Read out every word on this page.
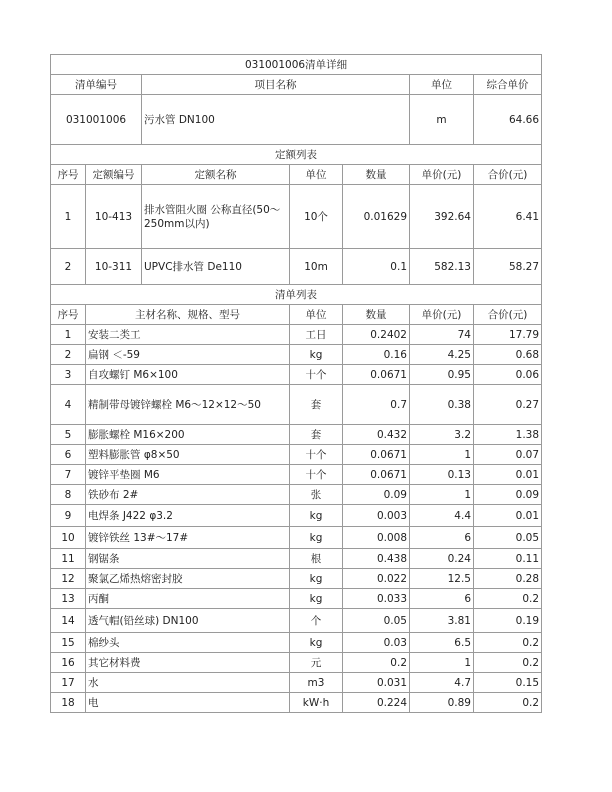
031001006清单详细						
清单编号		项目名称			单位	综合单价
031001006		污水管 DN100			m	64.66
定额列表						
序号	定额编号	定额名称	单位	数量	单价(元)	合价(元)
1	10-413	排水管阻火圈 公称直径(50～250mm以内)	10个	0.01629	392.64	6.41
2	10-311	UPVC排水管 De110	10m	0.1	582.13	58.27
清单列表						
序号	主材名称、规格、型号		单位	数量	单价(元)	合价(元)
1	安装二类工		工日	0.2402	74	17.79
2	扁钢 ＜-59		kg	0.16	4.25	0.68
3	自攻螺钉 M6×100		十个	0.0671	0.95	0.06
4	精制带母镀锌螺栓 M6～12×12～50		套	0.7	0.38	0.27
5	膨胀螺栓 M16×200		套	0.432	3.2	1.38
6	塑料膨胀管 φ8×50		十个	0.0671	1	0.07
7	镀锌平垫圈 M6		十个	0.0671	0.13	0.01
8	铁砂布 2#		张	0.09	1	0.09
9	电焊条 J422 φ3.2		kg	0.003	4.4	0.01
10	镀锌铁丝 13#～17#		kg	0.008	6	0.05
11	钢锯条		根	0.438	0.24	0.11
12	聚氯乙烯热熔密封胶		kg	0.022	12.5	0.28
13	丙酮		kg	0.033	6	0.2
14	透气帽(铅丝球) DN100		个	0.05	3.81	0.19
15	棉纱头		kg	0.03	6.5	0.2
16	其它材料费		元	0.2	1	0.2
17	水		m3	0.031	4.7	0.15
18	电		kW·h	0.224	0.89	0.2
